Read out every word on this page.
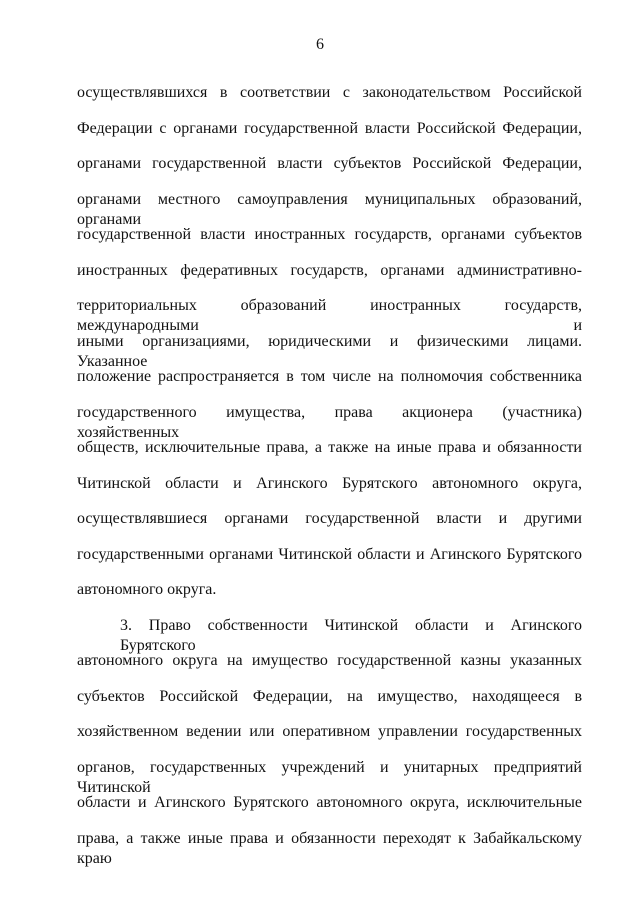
6
осуществлявшихся в соответствии с законодательством Российской
Федерации с органами государственной власти Российской Федерации,
органами государственной власти субъектов Российской Федерации,
органами местного самоуправления муниципальных образований, органами
государственной власти иностранных государств, органами субъектов
иностранных федеративных государств, органами административно-
территориальных образований иностранных государств, международными и
иными организациями, юридическими и физическими лицами. Указанное
положение распространяется в том числе на полномочия собственника
государственного имущества, права акционера (участника) хозяйственных
обществ, исключительные права, а также на иные права и обязанности
Читинской области и Агинского Бурятского автономного округа,
осуществлявшиеся органами государственной власти и другими
государственными органами Читинской области и Агинского Бурятского
автономного округа.
3. Право собственности Читинской области и Агинского Бурятского
автономного округа на имущество государственной казны указанных
субъектов Российской Федерации, на имущество, находящееся в
хозяйственном ведении или оперативном управлении государственных
органов, государственных учреждений и унитарных предприятий Читинской
области и Агинского Бурятского автономного округа, исключительные
права, а также иные права и обязанности переходят к Забайкальскому краю
